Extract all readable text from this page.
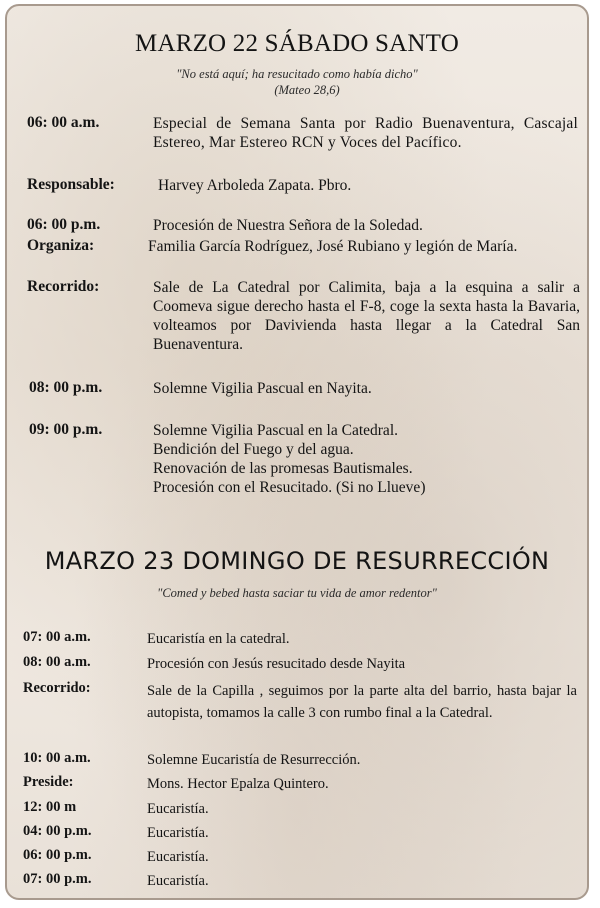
MARZO 22 SÁBADO SANTO
"No está aquí; ha resucitado como había dicho"
(Mateo 28,6)
06: 00 a.m.	Especial de Semana Santa por Radio Buenaventura, Cascajal Estereo, Mar Estereo RCN y Voces del Pacífico.
Responsable:	Harvey Arboleda Zapata. Pbro.
06: 00 p.m.	Procesión de Nuestra Señora de la Soledad.
Organiza:	Familia García Rodríguez, José Rubiano y legión de María.
Recorrido:	Sale de La Catedral por Calimita, baja a la esquina a salir a Coomeva sigue derecho hasta el F-8, coge la sexta hasta la Bavaria, volteamos por Davivienda hasta llegar a la Catedral San Buenaventura.
08: 00 p.m.	Solemne Vigilia Pascual en Nayita.
09: 00 p.m.	Solemne Vigilia Pascual en la Catedral.
Bendición del Fuego y del agua.
Renovación de las promesas Bautismales.
Procesión con el Resucitado. (Si no Llueve)
MARZO 23 DOMINGO DE RESURRECCIÓN
"Comed y bebed hasta saciar tu vida de amor redentor"
07: 00 a.m.	Eucaristía en la catedral.
08: 00 a.m.	Procesión con Jesús resucitado desde Nayita
Recorrido:	Sale de la Capilla , seguimos por la parte alta del barrio, hasta bajar la autopista, tomamos la calle 3 con rumbo final a la Catedral.
10: 00 a.m.	Solemne Eucaristía de Resurrección.
Preside:	Mons. Hector Epalza Quintero.
12: 00 m	Eucaristía.
04: 00 p.m.	Eucaristía.
06: 00 p.m.	Eucaristía.
07: 00 p.m.	Eucaristía.
